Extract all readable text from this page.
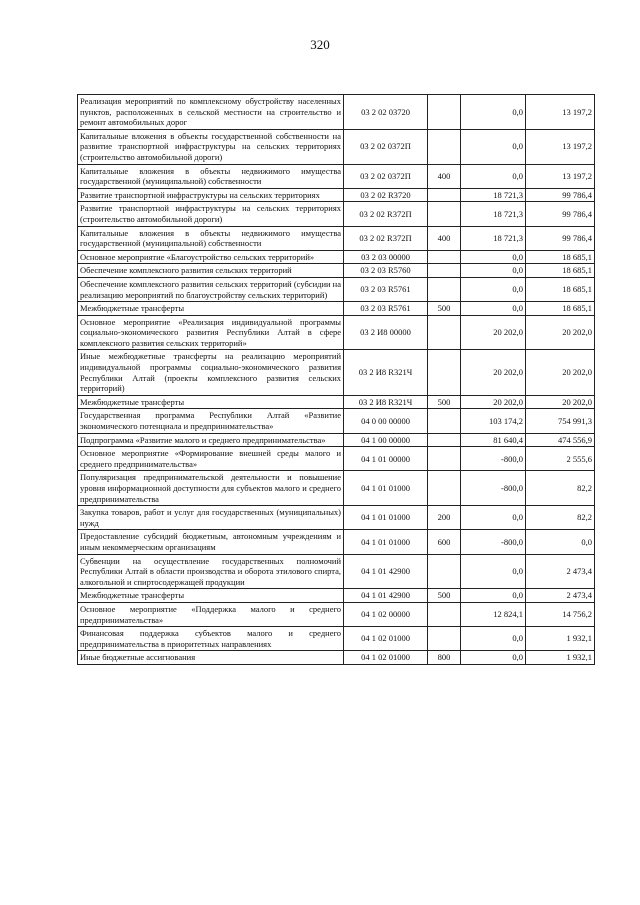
320
Реализация мероприятий по комплексному обустройству населенных пунктов, расположенных в сельской местности на строительство и ремонт автомобильных дорог	03 2 02 03720		0,0	13 197,2
Капитальные вложения в объекты государственной собственности на развитие транспортной инфраструктуры на сельских территориях (строительство автомобильной дороги)	03 2 02 0372П		0,0	13 197,2
Капитальные вложения в объекты недвижимого имущества государственной (муниципальной) собственности	03 2 02 0372П	400	0,0	13 197,2
Развитие транспортной инфраструктуры на сельских территориях	03 2 02 R3720		18 721,3	99 786,4
Развитие транспортной инфраструктуры на сельских территориях (строительство автомобильной дороги)	03 2 02 R372П		18 721,3	99 786,4
Капитальные вложения в объекты недвижимого имущества государственной (муниципальной) собственности	03 2 02 R372П	400	18 721,3	99 786,4
Основное мероприятие «Благоустройство сельских территорий»	03 2 03 00000		0,0	18 685,1
Обеспечение комплексного развития сельских территорий	03 2 03 R5760		0,0	18 685,1
Обеспечение комплексного развития сельских территорий (субсидии на реализацию мероприятий по благоустройству сельских территорий)	03 2 03 R5761		0,0	18 685,1
Межбюджетные трансферты	03 2 03 R5761	500	0,0	18 685,1
Основное мероприятие «Реализация индивидуальной программы социально-экономического развития Республики Алтай в сфере комплексного развития сельских территорий»	03 2 И8 00000		20 202,0	20 202,0
Иные межбюджетные трансферты на реализацию мероприятий индивидуальной программы социально-экономического развития Республики Алтай (проекты комплексного развития сельских территорий)	03 2 И8 R321Ч		20 202,0	20 202,0
Межбюджетные трансферты	03 2 И8 R321Ч	500	20 202,0	20 202,0
Государственная программа Республики Алтай «Развитие экономического потенциала и предпринимательства»	04 0 00 00000		103 174,2	754 991,3
Подпрограмма «Развитие малого и среднего предпринимательства»	04 1 00 00000		81 640,4	474 556,9
Основное мероприятие «Формирование внешней среды малого и среднего предпринимательства»	04 1 01 00000		-800,0	2 555,6
Популяризация предпринимательской деятельности и повышение уровня информационной доступности для субъектов малого и среднего предпринимательства	04 1 01 01000		-800,0	82,2
Закупка товаров, работ и услуг для государственных (муниципальных) нужд	04 1 01 01000	200	0,0	82,2
Предоставление субсидий бюджетным, автономным учреждениям и иным некоммерческим организациям	04 1 01 01000	600	-800,0	0,0
Субвенции на осуществление государственных полномочий Республики Алтай в области производства и оборота этилового спирта, алкогольной и спиртосодержащей продукции	04 1 01 42900		0,0	2 473,4
Межбюджетные трансферты	04 1 01 42900	500	0,0	2 473,4
Основное мероприятие «Поддержка малого и среднего предпринимательства»	04 1 02 00000		12 824,1	14 756,2
Финансовая поддержка субъектов малого и среднего предпринимательства в приоритетных направлениях	04 1 02 01000		0,0	1 932,1
Иные бюджетные ассигнования	04 1 02 01000	800	0,0	1 932,1
